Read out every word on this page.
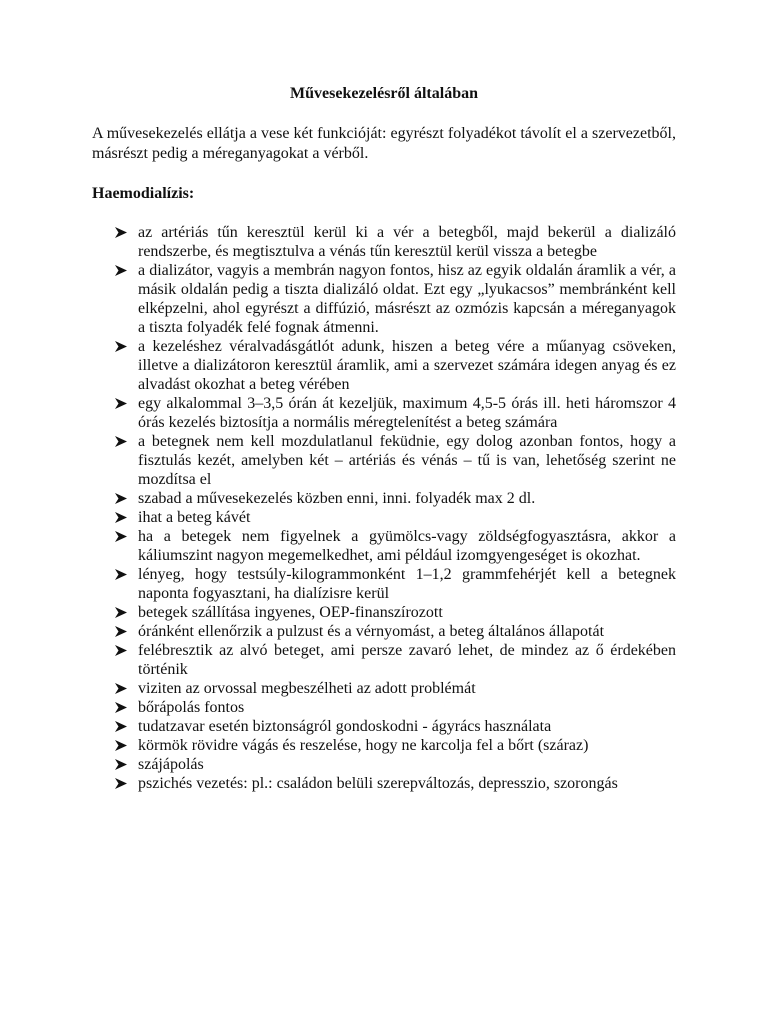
Művesekezelésről általában

A művesekezelés ellátja a vese két funkcióját: egyrészt folyadékot távolít el a szervezetből, másrészt pedig a méreganyagokat a vérből.

Haemodialízis:
az artériás tűn keresztül kerül ki a vér a betegből, majd bekerül a dializáló rendszerbe, és megtisztulva a vénás tűn keresztül kerül vissza a betegbe
a dializátor, vagyis a membrán nagyon fontos, hisz az egyik oldalán áramlik a vér, a másik oldalán pedig a tiszta dializáló oldat. Ezt egy „lyukacsos” membránként kell elképzelni, ahol egyrészt a diffúzió, másrészt az ozmózis kapcsán a méreganyagok a tiszta folyadék felé fognak átmenni.
a kezeléshez véralvadásgátlót adunk, hiszen a beteg vére a műanyag csöveken, illetve a dializátoron keresztül áramlik, ami a szervezet számára idegen anyag és ez alvadást okozhat a beteg vérében
egy alkalommal 3–3,5 órán át kezeljük, maximum 4,5-5 órás ill. heti háromszor 4 órás kezelés biztosítja a normális méregtelenítést a beteg számára
a betegnek nem kell mozdulatlanul feküdnie, egy dolog azonban fontos, hogy a fisztulás kezét, amelyben két – artériás és vénás – tű is van, lehetőség szerint ne mozdítsa el
szabad a művesekezelés közben enni, inni. folyadék max 2 dl.
ihat a beteg kávét
ha a betegek nem figyelnek a gyümölcs-vagy zöldségfogyasztásra, akkor a káliumszint nagyon megemelkedhet, ami például izomgyengeséget is okozhat.
lényeg, hogy testsúly-kilogrammonként 1–1,2 grammfehérjét kell a betegnek naponta fogyasztani, ha dialízisre kerül
betegek szállítása ingyenes, OEP-finanszírozott
óránként ellenőrzik a pulzust és a vérnyomást, a beteg általános állapotát
felébresztik az alvó beteget, ami persze zavaró lehet, de mindez az ő érdekében történik
viziten az orvossal megbeszélheti az adott problémát
bőrápolás fontos
tudatzavar esetén biztonságról gondoskodni - ágyrács használata
körmök rövidre vágás és reszelése, hogy ne karcolja fel a bőrt (száraz)
szájápolás
pszichés vezetés: pl.: családon belüli szerepváltozás, depresszio, szorongás
